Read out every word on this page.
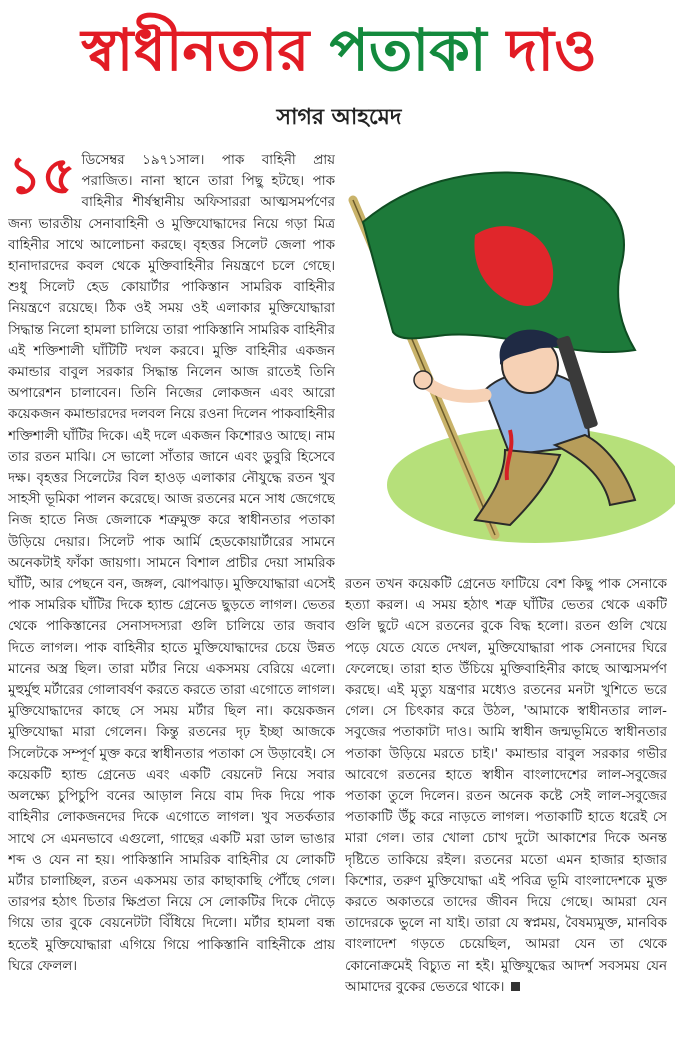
স্বাধীনতার পতাকা দাও
সাগর আহমেদ
১৫ ডিসেম্বর ১৯৭১সাল। পাক বাহিনী প্রায় পরাজিত। নানা স্থানে তারা পিছু হটছে। পাক বাহিনীর শীর্ষস্থানীয় অফিসাররা আত্মসমর্পণের জন্য ভারতীয় সেনাবাহিনী ও মুক্তিযোদ্ধাদের নিয়ে গড়া মিত্র বাহিনীর সাথে আলোচনা করছে। বৃহত্তর সিলেট জেলা পাক হানাদারদের কবল থেকে মুক্তিবাহিনীর নিয়ন্ত্রণে চলে গেছে। শুধু সিলেট হেড কোয়ার্টার পাকিস্তান সামরিক বাহিনীর নিয়ন্ত্রণে রয়েছে। ঠিক ওই সময় ওই এলাকার মুক্তিযোদ্ধারা সিদ্ধান্ত নিলো হামলা চালিয়ে তারা পাকিস্তানি সামরিক বাহিনীর এই শক্তিশালী ঘাঁটিটি দখল করবে। মুক্তি বাহিনীর একজন কমান্ডার বাবুল সরকার সিদ্ধান্ত নিলেন আজ রাতেই তিনি অপারেশন চালাবেন। তিনি নিজের লোকজন এবং আরো কয়েকজন কমান্ডারদের দলবল নিয়ে রওনা দিলেন পাকবাহিনীর শক্তিশালী ঘাঁটির দিকে। এই দলে একজন কিশোরও আছে। নাম তার রতন মাঝি। সে ভালো সাঁতার জানে এবং ডুবুরি হিসেবে দক্ষ। বৃহত্তর সিলেটের বিল হাওড় এলাকার নৌযুদ্ধে রতন খুব সাহসী ভূমিকা পালন করেছে। আজ রতনের মনে সাধ জেগেছে নিজ হাতে নিজ জেলাকে শত্রুমুক্ত করে স্বাধীনতার পতাকা উড়িয়ে দেয়ার। সিলেট পাক আর্মি হেডকোয়ার্টারের সামনে অনেকটাই ফাঁকা জায়গা। সামনে বিশাল প্রাচীর দেয়া সামরিক ঘাঁটি, আর পেছনে বন, জঙ্গল, ঝোপঝাড়। মুক্তিযোদ্ধারা এসেই পাক সামরিক ঘাঁটির দিকে হ্যান্ড গ্রেনেড ছুড়তে লাগল। ভেতর থেকে পাকিস্তানের সেনাসদস্যরা গুলি চালিয়ে তার জবাব দিতে লাগল। পাক বাহিনীর হাতে মুক্তিযোদ্ধাদের চেয়ে উন্নত মানের অস্ত্র ছিল। তারা মর্টার নিয়ে একসময় বেরিয়ে এলো। মুহুর্মুহু মর্টারের গোলাবর্ষণ করতে করতে তারা এগোতে লাগল। মুক্তিযোদ্ধাদের কাছে সে সময় মর্টার ছিল না। কয়েকজন মুক্তিযোদ্ধা মারা গেলেন। কিন্তু রতনের দৃঢ় ইচ্ছা আজকে সিলেটকে সম্পূর্ণ মুক্ত করে স্বাধীনতার পতাকা সে উড়াবেই। সে কয়েকটি হ্যান্ড গ্রেনেড এবং একটি বেয়নেট নিয়ে সবার অলক্ষ্যে চুপিচুপি বনের আড়াল নিয়ে বাম দিক দিয়ে পাক বাহিনীর লোকজনদের দিকে এগোতে লাগল। খুব সতর্কতার সাথে সে এমনভাবে এগুলো, গাছের একটি মরা ডাল ভাঙার শব্দ ও যেন না হয়। পাকিস্তানি সামরিক বাহিনীর যে লোকটি মর্টার চালাচ্ছিল, রতন একসময় তার কাছাকাছি পৌঁছে গেল। তারপর হঠাৎ চিতার ক্ষিপ্রতা নিয়ে সে লোকটির দিকে দৌড়ে গিয়ে তার বুকে বেয়নেটটা বিঁধিয়ে দিলো। মর্টার হামলা বন্ধ হতেই মুক্তিযোদ্ধারা এগিয়ে গিয়ে পাকিস্তানি বাহিনীকে প্রায় ঘিরে ফেলল।
রতন তখন কয়েকটি গ্রেনেড ফাটিয়ে বেশ কিছু পাক সেনাকে হত্যা করল। এ সময় হঠাৎ শত্রু ঘাঁটির ভেতর থেকে একটি গুলি ছুটে এসে রতনের বুকে বিদ্ধ হলো। রতন গুলি খেয়ে পড়ে যেতে যেতে দেখল, মুক্তিযোদ্ধারা পাক সেনাদের ঘিরে ফেলেছে। তারা হাত উঁচিয়ে মুক্তিবাহিনীর কাছে আত্মসমর্পণ করছে। এই মৃত্যু যন্ত্রণার মধ্যেও রতনের মনটা খুশিতে ভরে গেল। সে চিৎকার করে উঠল, 'আমাকে স্বাধীনতার লাল-সবুজের পতাকাটা দাও। আমি স্বাধীন জন্মভূমিতে স্বাধীনতার পতাকা উড়িয়ে মরতে চাই।' কমান্ডার বাবুল সরকার গভীর আবেগে রতনের হাতে স্বাধীন বাংলাদেশের লাল-সবুজের পতাকা তুলে দিলেন। রতন অনেক কষ্টে সেই লাল-সবুজের পতাকাটি উঁচু করে নাড়তে লাগল। পতাকাটি হাতে ধরেই সে মারা গেল। তার খোলা চোখ দুটো আকাশের দিকে অনন্ত দৃষ্টিতে তাকিয়ে রইল। রতনের মতো এমন হাজার হাজার কিশোর, তরুণ মুক্তিযোদ্ধা এই পবিত্র ভূমি বাংলাদেশকে মুক্ত করতে অকাতরে তাদের জীবন দিয়ে গেছে। আমরা যেন তাদেরকে ভুলে না যাই। তারা যে স্বপ্নময়, বৈষম্যমুক্ত, মানবিক বাংলাদেশ গড়তে চেয়েছিল, আমরা যেন তা থেকে কোনোক্রমেই বিচ্যুত না হই। মুক্তিযুদ্ধের আদর্শ সবসময় যেন আমাদের বুকের ভেতরে থাকে।
